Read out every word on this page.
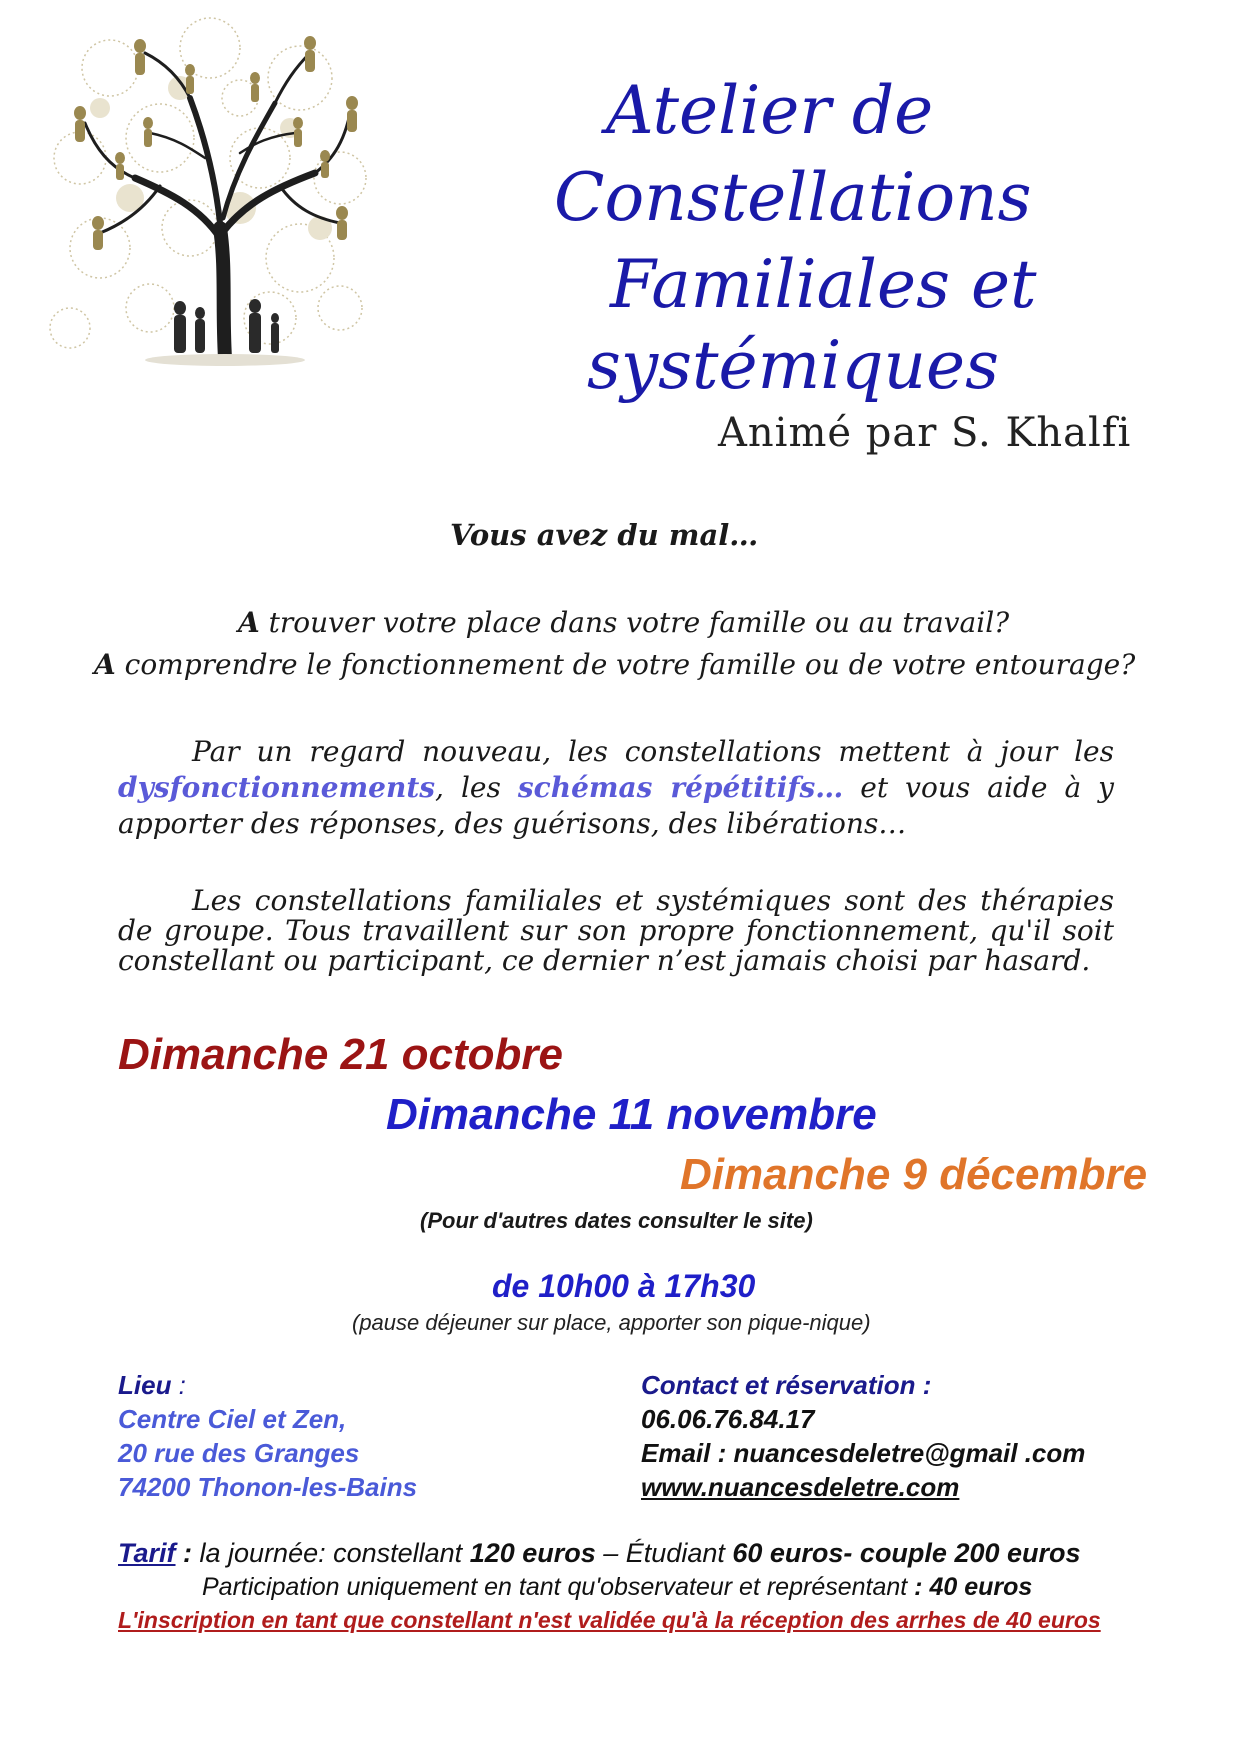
Atelier de
Constellations
Familiales et
systémiques
Animé par S. Khalfi
Vous avez du mal…
A trouver votre place dans votre famille ou au travail?
A comprendre le fonctionnement de votre famille ou de votre entourage?
Par un regard nouveau, les constellations mettent à jour les dysfonctionnements, les schémas répétitifs… et vous aide à y apporter des réponses, des guérisons, des libérations…
Les constellations familiales et systémiques sont des thérapies de groupe. Tous travaillent sur son propre fonctionnement, qu'il soit constellant ou participant, ce dernier n’est jamais choisi par hasard.
Dimanche 21 octobre
Dimanche 11 novembre
Dimanche 9 décembre
(Pour d'autres dates consulter le site)
de 10h00 à 17h30
(pause déjeuner sur place, apporter son pique-nique)
Lieu :
Centre Ciel et Zen,
20 rue des Granges
74200 Thonon-les-Bains
Contact et réservation :
06.06.76.84.17
Email : nuancesdeletre@gmail .com
www.nuancesdeletre.com
Tarif : la journée: constellant 120 euros – Étudiant 60 euros- couple 200 euros
Participation uniquement en tant qu'observateur et représentant : 40 euros
L'inscription en tant que constellant n'est validée qu'à la réception des arrhes de 40 euros
